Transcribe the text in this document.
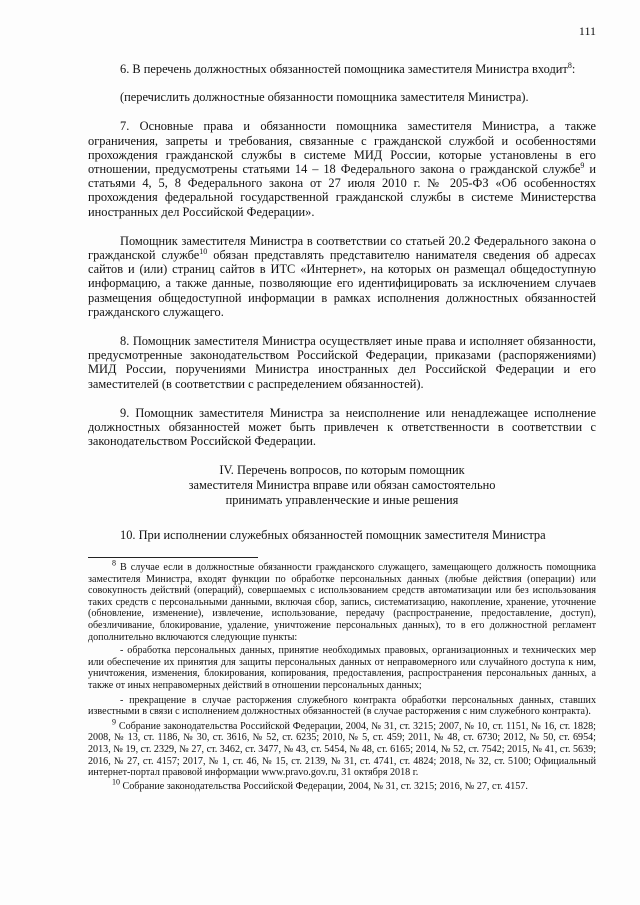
111

6. В перечень должностных обязанностей помощника заместителя Министра входит$^8$:

(перечислить должностные обязанности помощника заместителя Министра).

7. Основные права и обязанности помощника заместителя Министра, а также ограничения, запреты и требования, связанные с гражданской службой и особенностями прохождения гражданской службы в системе МИД России, которые установлены в его отношении, предусмотрены статьями 14 – 18 Федерального закона о гражданской службе$^9$ и статьями 4, 5, 8 Федерального закона от 27 июля 2010 г. № 205-ФЗ «Об особенностях прохождения федеральной государственной гражданской службы в системе Министерства иностранных дел Российской Федерации».

Помощник заместителя Министра в соответствии со статьей 20.2 Федерального закона о гражданской службе$^{10}$ обязан представлять представителю нанимателя сведения об адресах сайтов и (или) страниц сайтов в ИТС «Интернет», на которых он размещал общедоступную информацию, а также данные, позволяющие его идентифицировать за исключением случаев размещения общедоступной информации в рамках исполнения должностных обязанностей гражданского служащего.

8. Помощник заместителя Министра осуществляет иные права и исполняет обязанности, предусмотренные законодательством Российской Федерации, приказами (распоряжениями) МИД России, поручениями Министра иностранных дел Российской Федерации и его заместителей (в соответствии с распределением обязанностей).

9. Помощник заместителя Министра за неисполнение или ненадлежащее исполнение должностных обязанностей может быть привлечен к ответственности в соответствии с законодательством Российской Федерации.

IV. Перечень вопросов, по которым помощник
заместителя Министра вправе или обязан самостоятельно
принимать управленческие и иные решения

10. При исполнении служебных обязанностей помощник заместителя Министра

$^8$ В случае если в должностные обязанности гражданского служащего, замещающего должность помощника заместителя Министра, входят функции по обработке персональных данных (любые действия (операции) или совокупность действий (операций), совершаемых с использованием средств автоматизации или без использования таких средств с персональными данными, включая сбор, запись, систематизацию, накопление, хранение, уточнение (обновление, изменение), извлечение, использование, передачу (распространение, предоставление, доступ), обезличивание, блокирование, удаление, уничтожение персональных данных), то в его должностной регламент дополнительно включаются следующие пункты:

- обработка персональных данных, принятие необходимых правовых, организационных и технических мер или обеспечение их принятия для защиты персональных данных от неправомерного или случайного доступа к ним, уничтожения, изменения, блокирования, копирования, предоставления, распространения персональных данных, а также от иных неправомерных действий в отношении персональных данных;

- прекращение в случае расторжения служебного контракта обработки персональных данных, ставших известными в связи с исполнением должностных обязанностей (в случае расторжения с ним служебного контракта).

$^9$ Собрание законодательства Российской Федерации, 2004, № 31, ст. 3215; 2007, № 10, ст. 1151, № 16, ст. 1828; 2008, № 13, ст. 1186, № 30, ст. 3616, № 52, ст. 6235; 2010, № 5, ст. 459; 2011, № 48, ст. 6730; 2012, № 50, ст. 6954; 2013, № 19, ст. 2329, № 27, ст. 3462, ст. 3477, № 43, ст. 5454, № 48, ст. 6165; 2014, № 52, ст. 7542; 2015, № 41, ст. 5639; 2016, № 27, ст. 4157; 2017, № 1, ст. 46, № 15, ст. 2139, № 31, ст. 4741, ст. 4824; 2018, № 32, ст. 5100; Официальный интернет-портал правовой информации www.pravo.gov.ru, 31 октября 2018 г.

$^{10}$ Собрание законодательства Российской Федерации, 2004, № 31, ст. 3215; 2016, № 27, ст. 4157.
